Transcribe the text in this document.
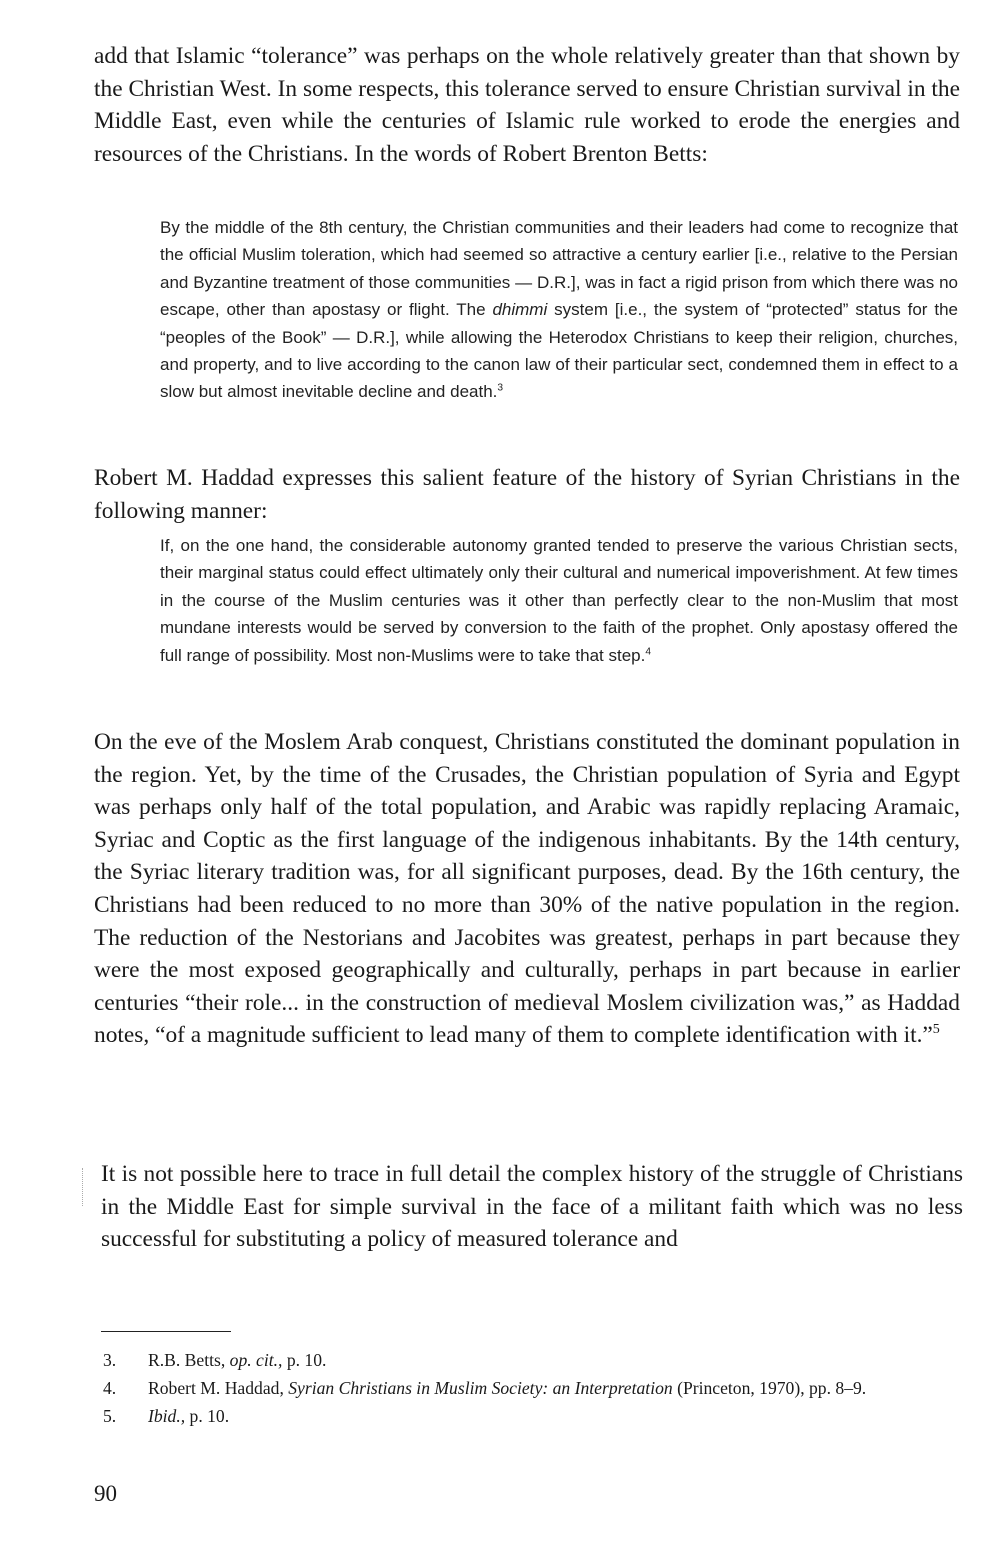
add that Islamic “tolerance” was perhaps on the whole relatively greater than that shown by the Christian West. In some respects, this tolerance served to ensure Christian survival in the Middle East, even while the centuries of Islamic rule worked to erode the energies and resources of the Christians. In the words of Robert Brenton Betts:

By the middle of the 8th century, the Christian communities and their leaders had come to recognize that the official Muslim toleration, which had seemed so attractive a century earlier [i.e., relative to the Persian and Byzantine treatment of those communities — D.R.], was in fact a rigid prison from which there was no escape, other than apostasy or flight. The dhimmi system [i.e., the system of “protected” status for the “peoples of the Book” — D.R.], while allowing the Heterodox Christians to keep their religion, churches, and property, and to live according to the canon law of their particular sect, condemned them in effect to a slow but almost inevitable decline and death.$^3$

Robert M. Haddad expresses this salient feature of the history of Syrian Christians in the following manner:

If, on the one hand, the considerable autonomy granted tended to preserve the various Christian sects, their marginal status could effect ultimately only their cultural and numerical impoverishment. At few times in the course of the Muslim centuries was it other than perfectly clear to the non-Muslim that most mundane interests would be served by conversion to the faith of the prophet. Only apostasy offered the full range of possibility. Most non-Muslims were to take that step.$^4$

On the eve of the Moslem Arab conquest, Christians constituted the dominant population in the region. Yet, by the time of the Crusades, the Christian population of Syria and Egypt was perhaps only half of the total population, and Arabic was rapidly replacing Aramaic, Syriac and Coptic as the first language of the indigenous inhabitants. By the 14th century, the Syriac literary tradition was, for all significant purposes, dead. By the 16th century, the Christians had been reduced to no more than 30% of the native population in the region. The reduction of the Nestorians and Jacobites was greatest, perhaps in part because they were the most exposed geographically and culturally, perhaps in part because in earlier centuries “their role... in the construction of medieval Moslem civilization was,” as Haddad notes, “of a magnitude sufficient to lead many of them to complete identification with it.”$^5$

It is not possible here to trace in full detail the complex history of the struggle of Christians in the Middle East for simple survival in the face of a militant faith which was no less successful for substituting a policy of measured tolerance and

3. R.B. Betts, op. cit., p. 10.
4. Robert M. Haddad, Syrian Christians in Muslim Society: an Interpretation (Princeton, 1970), pp. 8–9.
5. Ibid., p. 10.
90
